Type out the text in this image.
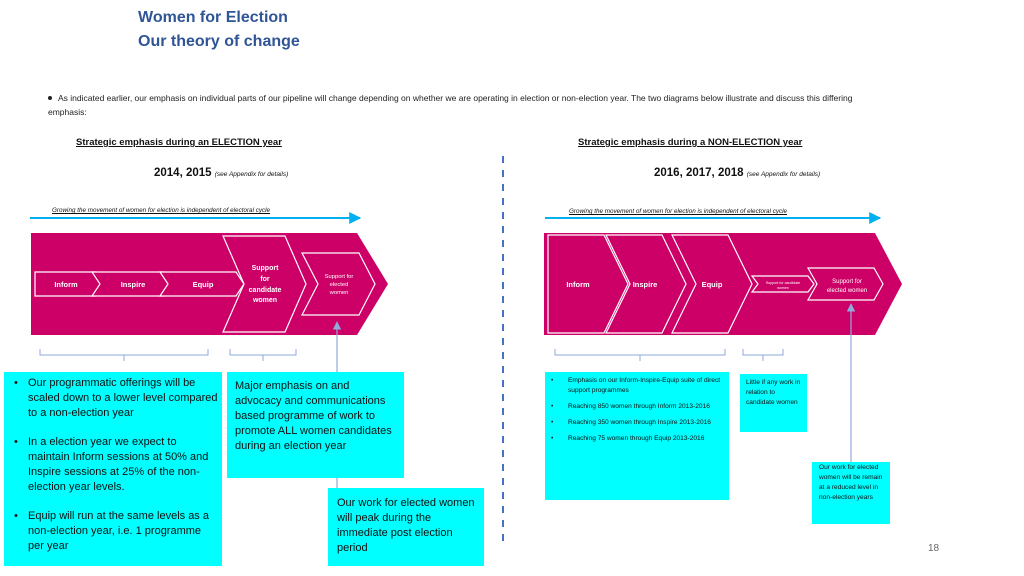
Women for Election
Our theory of change
As indicated earlier, our emphasis on individual parts of our pipeline will change depending on whether we are operating in election or non-election year. The two diagrams below illustrate and discuss this differing emphasis:
Strategic emphasis during an ELECTION year
2014, 2015 (see Appendix for details)
Growing the movement of women for election is independent of electoral cycle
Strategic emphasis during a NON-ELECTION year
2016, 2017, 2018 (see Appendix for details)
Growing the movement of women for election is independent of electoral cycle
Inform	Inspire	Equip
Support
for
candidate
women
Support for
elected
women
Inform	Inspire	Equip	Support for candidate
women
Support for
elected women
• Our programmatic offerings will be scaled down to a lower level compared to a non-election year
• In a election year we expect to maintain Inform sessions at 50% and Inspire sessions at 25% of the non-election year levels.
• Equip will run at the same levels as a non-election year, i.e. 1 programme per year
Major emphasis on and advocacy and communications based programme of work to promote ALL women candidates during an election year
Our work for elected women will peak during the immediate post election period
•	Emphasis on our Inform-Inspire-Equip suite of direct support programmes
•	Reaching 850 women through Inform 2013-2016
•	Reaching 350 women through Inspire 2013-2016
•	Reaching 75 women through Equip 2013-2016
Little if any work in relation to candidate women
Our work for elected women will be remain at a reduced level in non-election years
18
